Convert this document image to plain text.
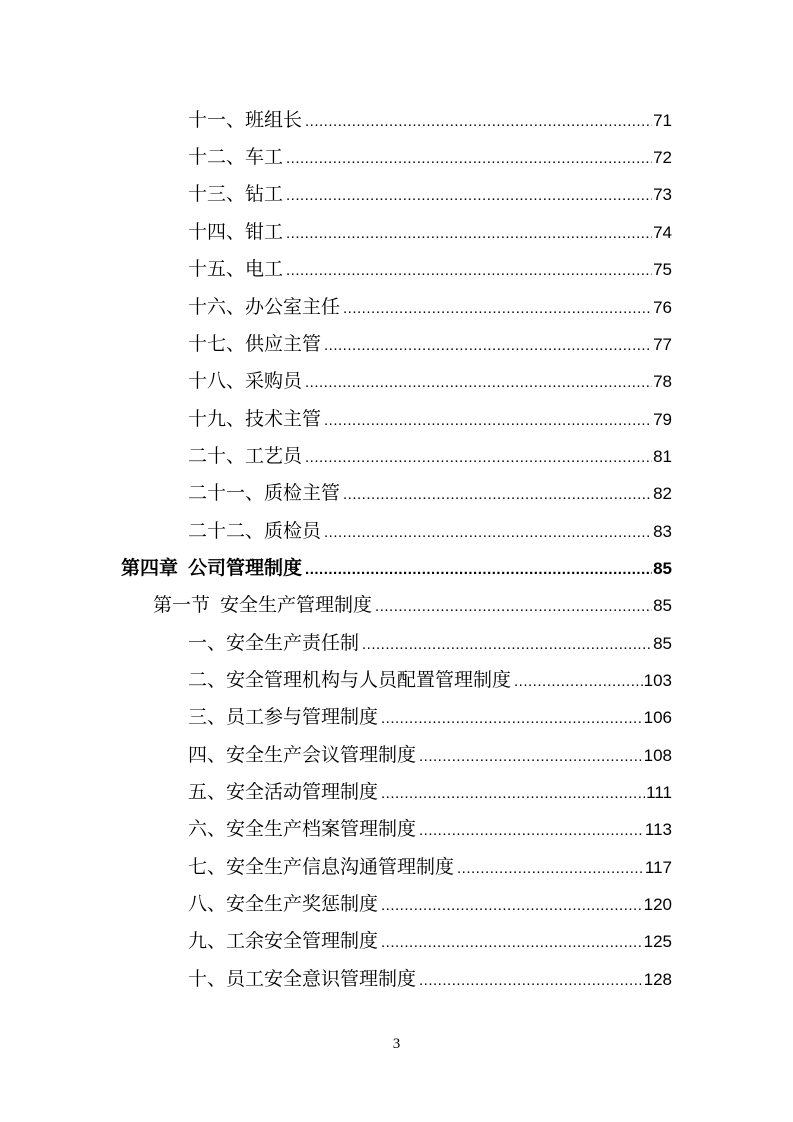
十一、班组长 .....	71
十二、车工 .....	72
十三、钻工 .....	73
十四、钳工 .....	74
十五、电工 .....	75
十六、办公室主任 .....	76
十七、供应主管 .....	77
十八、采购员 .....	78
十九、技术主管 .....	79
二十、工艺员 .....	81
二十一、质检主管 .....	82
二十二、质检员 .....	83
第四章 公司管理制度 .....	85
第一节 安全生产管理制度 .....	85
一、安全生产责任制 .....	85
二、安全管理机构与人员配置管理制度 .....	103
三、员工参与管理制度 .....	106
四、安全生产会议管理制度 .....	108
五、安全活动管理制度 .....	111
六、安全生产档案管理制度 .....	113
七、安全生产信息沟通管理制度 .....	117
八、安全生产奖惩制度 .....	120
九、工余安全管理制度 .....	125
十、员工安全意识管理制度 .....	128
3
